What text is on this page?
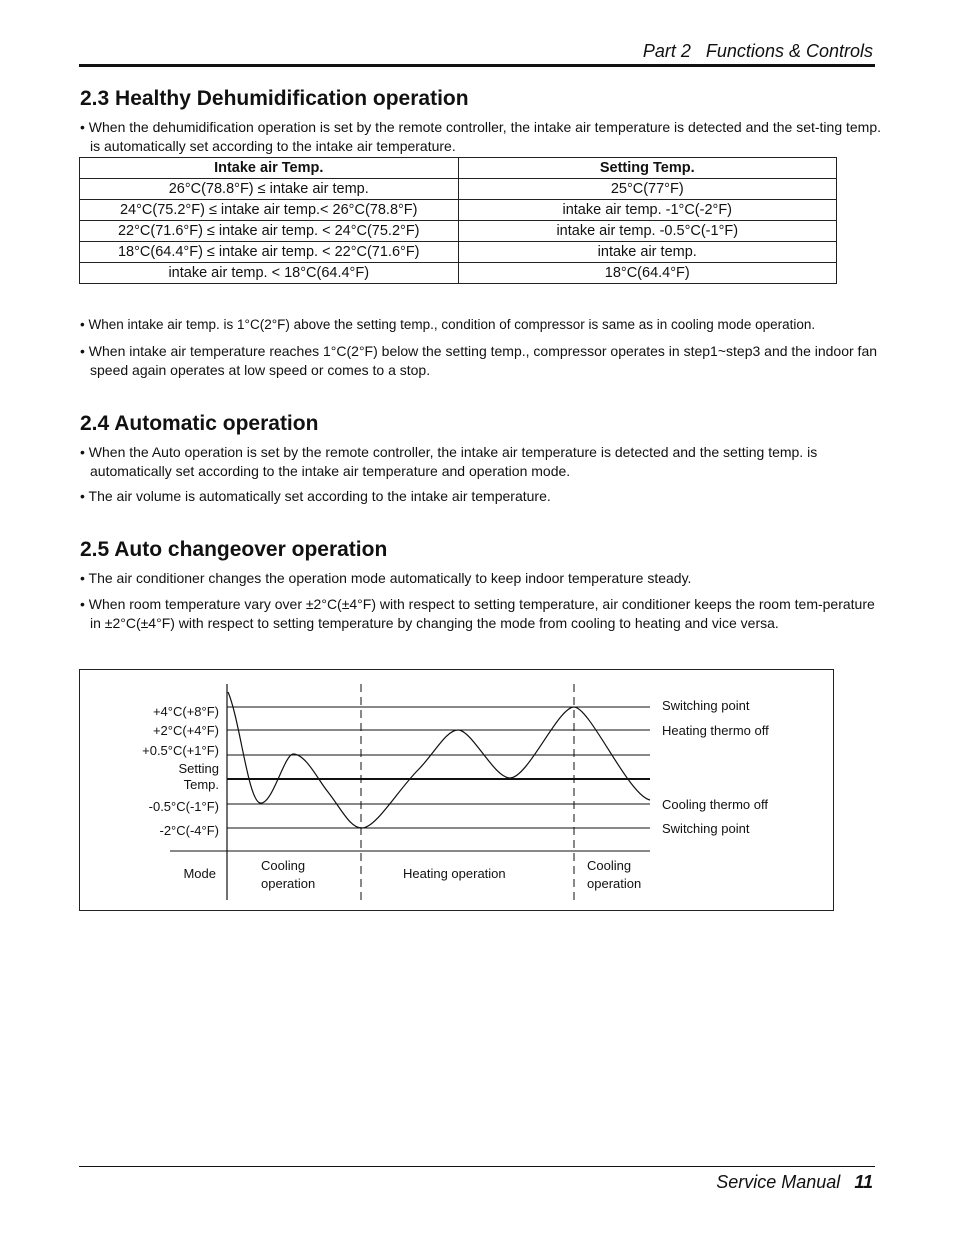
Part 2   Functions & Controls
2.3 Healthy Dehumidification operation

• When the dehumidification operation is set by the remote controller, the intake air temperature is detected and the set-ting temp. is automatically set according to the intake air temperature.

Intake air Temp.	Setting Temp.
26°C(78.8°F) ≤ intake air temp.	25°C(77°F)
24°C(75.2°F) ≤ intake air temp.< 26°C(78.8°F)	intake air temp. -1°C(-2°F)
22°C(71.6°F) ≤ intake air temp. < 24°C(75.2°F)	intake air temp. -0.5°C(-1°F)
18°C(64.4°F) ≤ intake air temp. < 22°C(71.6°F)	intake air temp.
intake air temp. < 18°C(64.4°F)	18°C(64.4°F)

• When intake air temp. is 1°C(2°F) above the setting temp., condition of compressor is same as in cooling mode operation.

• When intake air temperature reaches 1°C(2°F) below the setting temp., compressor operates in step1~step3 and the indoor fan speed again operates at low speed or comes to a stop.

2.4 Automatic operation

• When the Auto operation is set by the remote controller, the intake air temperature is detected and the setting temp. is automatically set according to the intake air temperature and operation mode.

• The air volume is automatically set according to the intake air temperature.

2.5 Auto changeover operation

• The air conditioner changes the operation mode automatically to keep indoor temperature steady.

• When room temperature vary over ±2°C(±4°F) with respect to setting temperature, air conditioner keeps the room tem-perature in ±2°C(±4°F) with respect to setting temperature by changing the mode from cooling to heating and vice versa.

+4°C(+8°F)
+2°C(+4°F)
+0.5°C(+1°F)
Setting
Temp.
-0.5°C(-1°F)
-2°C(-4°F)
Mode
Switching point
Heating thermo off
Cooling thermo off
Switching point
Cooling
operation
Heating operation
Cooling
operation
Service Manual 11
